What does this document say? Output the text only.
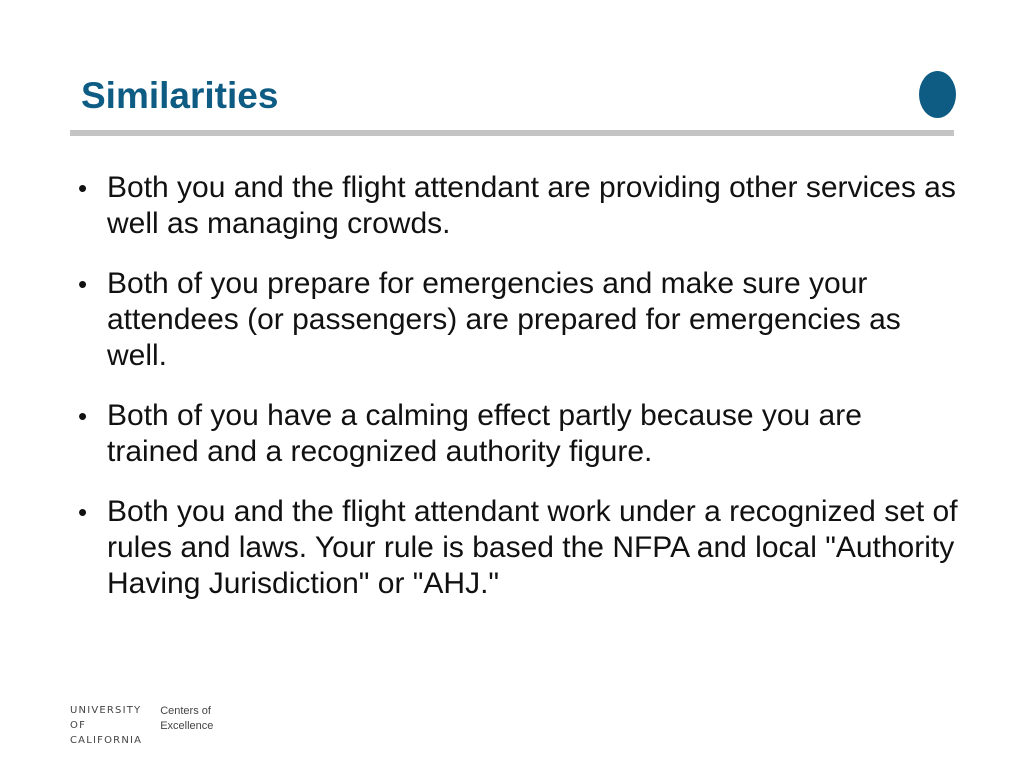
Similarities
• Both you and the flight attendant are providing other services as well as managing crowds.
• Both of you prepare for emergencies and make sure your attendees (or passengers) are prepared for emergencies as well.
• Both of you have a calming effect partly because you are trained and a recognized authority figure.
• Both you and the flight attendant work under a recognized set of rules and laws. Your rule is based the NFPA and local "Authority Having Jurisdiction" or "AHJ."
UNIVERSITY
OF
CALIFORNIA
Centers of
Excellence
